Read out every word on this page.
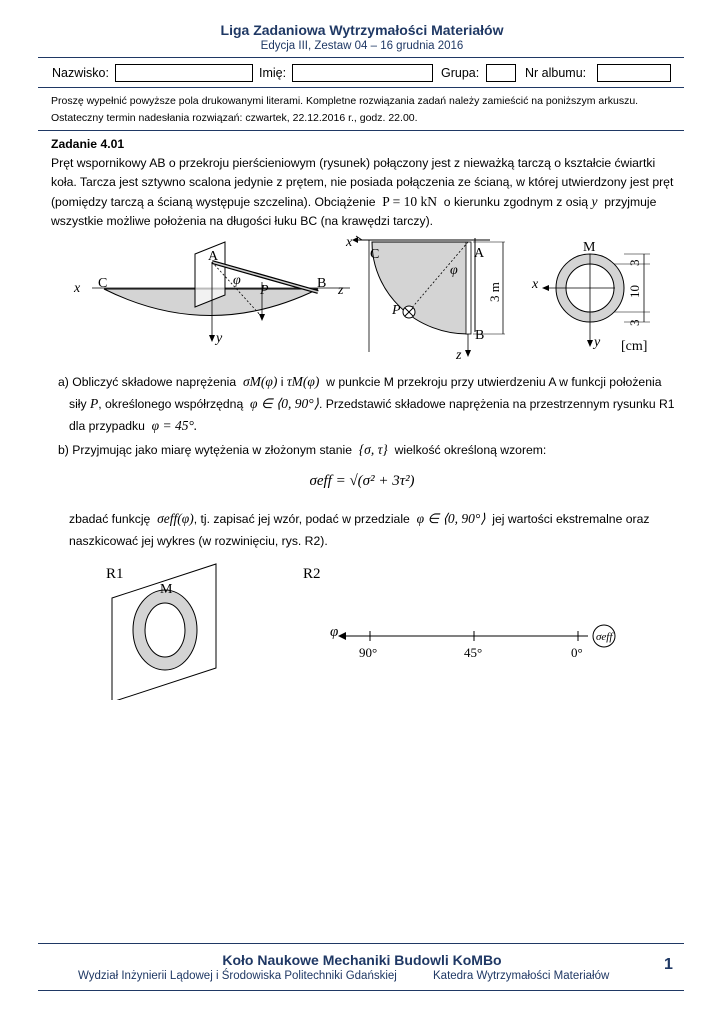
Liga Zadaniowa Wytrzymałości Materiałów
Edycja III, Zestaw 04 – 16 grudnia 2016
Nazwisko:	Imię:	Grupa:	Nr albumu:
Proszę wypełnić powyższe pola drukowanymi literami. Kompletne rozwiązania zadań należy zamieścić na poniższym arkuszu.
Ostateczny termin nadesłania rozwiązań: czwartek, 22.12.2016 r., godz. 22.00.
Zadanie 4.01
Pręt wspornikowy AB o przekroju pierścieniowym (rysunek) połączony jest z nieważką tarczą o kształcie ćwiartki
koła. Tarcza jest sztywno scalona jedynie z prętem, nie posiada połączenia ze ścianą, w której utwierdzony jest pręt
(pomiędzy tarczą a ścianą występuje szczelina). Obciążenie P = 10 kN o kierunku zgodnym z osią y przyjmuje
wszystkie możliwe położenia na długości łuku BC (na krawędzi tarczy).
x C
A
φ
P	B z
y
x
C	A
φ
P
B
z
3 m
M
x
y [cm]
3
10
3
a) Obliczyć składowe naprężenia σM(φ) i τM(φ) w punkcie M przekroju przy utwierdzeniu A w funkcji położenia
siły P, określonego współrzędną φ ∈ ⟨0, 90°⟩. Przedstawić składowe naprężenia na przestrzennym rysunku R1
dla przypadku φ = 45°.
b) Przyjmując jako miarę wytężenia w złożonym stanie {σ, τ} wielkość określoną wzorem:
σeff = √(σ² + 3τ²)
zbadać funkcję σeff(φ), tj. zapisać jej wzór, podać w przedziale φ ∈ ⟨0, 90°⟩ jej wartości ekstremalne oraz
naszkicować jej wykres (w rozwinięciu, rys. R2).
R1
M
R2
φ
90°	45°	0°
σeff
Koło Naukowe Mechaniki Budowli KoMBo
Wydział Inżynierii Lądowej i Środowiska Politechniki Gdańskiej	Katedra Wytrzymałości Materiałów
1
